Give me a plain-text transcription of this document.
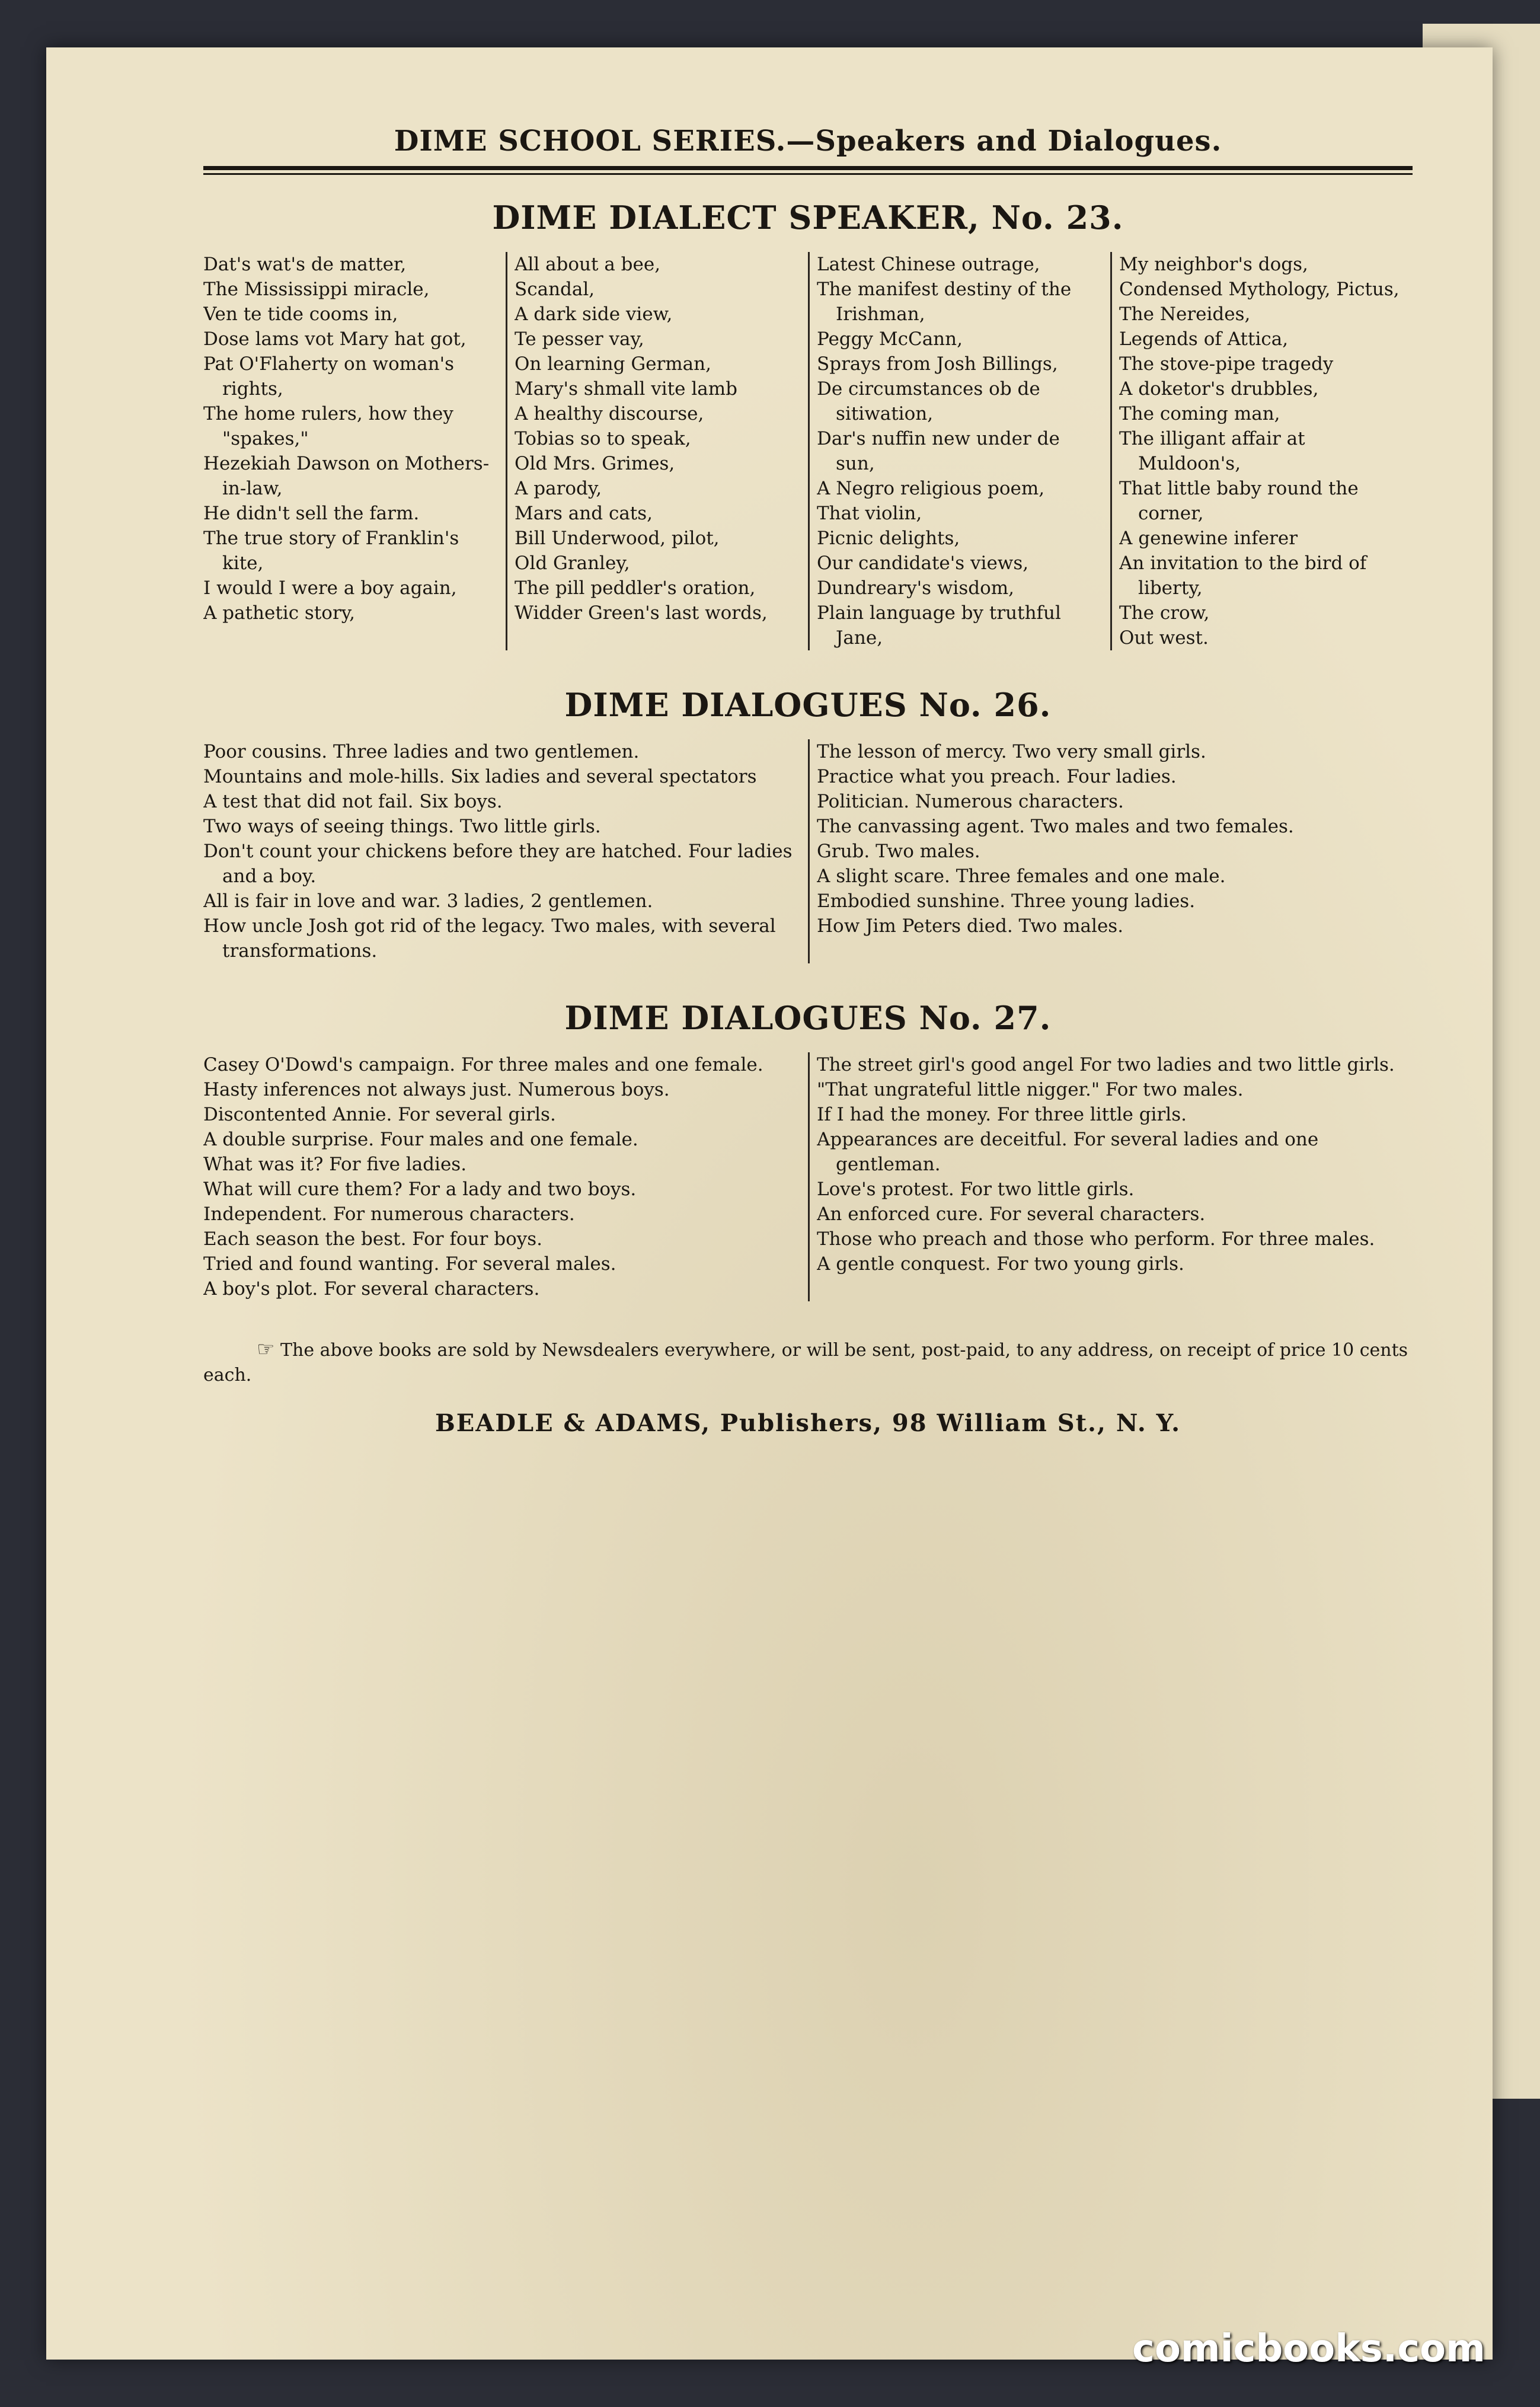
DIME SCHOOL SERIES.—Speakers and Dialogues.
DIME DIALECT SPEAKER, No. 23.
Dat's wat's de matter,
The Mississippi miracle,
Ven te tide cooms in,
Dose lams vot Mary hat got,
Pat O'Flaherty on woman's rights,
The home rulers, how they "spakes,"
Hezekiah Dawson on Mothers-in-law,
He didn't sell the farm.
The true story of Franklin's kite,
I would I were a boy again,
A pathetic story,
All about a bee,
Scandal,
A dark side view,
Te pesser vay,
On learning German,
Mary's shmall vite lamb
A healthy discourse,
Tobias so to speak,
Old Mrs. Grimes,
A parody,
Mars and cats,
Bill Underwood, pilot,
Old Granley,
The pill peddler's oration,
Widder Green's last words,
Latest Chinese outrage,
The manifest destiny of the Irishman,
Peggy McCann,
Sprays from Josh Billings,
De circumstances ob de sitiwation,
Dar's nuffin new under de sun,
A Negro religious poem,
That violin,
Picnic delights,
Our candidate's views,
Dundreary's wisdom,
Plain language by truthful Jane,
My neighbor's dogs,
Condensed Mythology, Pictus,
The Nereides,
Legends of Attica,
The stove-pipe tragedy
A doketor's drubbles,
The coming man,
The illigant affair at Muldoon's,
That little baby round the corner,
A genewine inferer
An invitation to the bird of liberty,
The crow,
Out west.
DIME DIALOGUES No. 26.
Poor cousins. Three ladies and two gentlemen.
Mountains and mole-hills. Six ladies and several spectators
A test that did not fail. Six boys.
Two ways of seeing things. Two little girls.
Don't count your chickens before they are hatched. Four ladies and a boy.
All is fair in love and war. 3 ladies, 2 gentlemen.
How uncle Josh got rid of the legacy. Two males, with several transformations.
The lesson of mercy. Two very small girls.
Practice what you preach. Four ladies.
Politician. Numerous characters.
The canvassing agent. Two males and two females.
Grub. Two males.
A slight scare. Three females and one male.
Embodied sunshine. Three young ladies.
How Jim Peters died. Two males.
DIME DIALOGUES No. 27.
Casey O'Dowd's campaign. For three males and one female.
Hasty inferences not always just. Numerous boys.
Discontented Annie. For several girls.
A double surprise. Four males and one female.
What was it? For five ladies.
What will cure them? For a lady and two boys.
Independent. For numerous characters.
Each season the best. For four boys.
Tried and found wanting. For several males.
A boy's plot. For several characters.
The street girl's good angel For two ladies and two little girls.
"That ungrateful little nigger." For two males.
If I had the money. For three little girls.
Appearances are deceitful. For several ladies and one gentleman.
Love's protest. For two little girls.
An enforced cure. For several characters.
Those who preach and those who perform. For three males.
A gentle conquest. For two young girls.
☞ The above books are sold by Newsdealers everywhere, or will be sent, post-paid, to any address, on receipt of price 10 cents each.
BEADLE & ADAMS, Publishers, 98 William St., N. Y.
comicbooks.com
